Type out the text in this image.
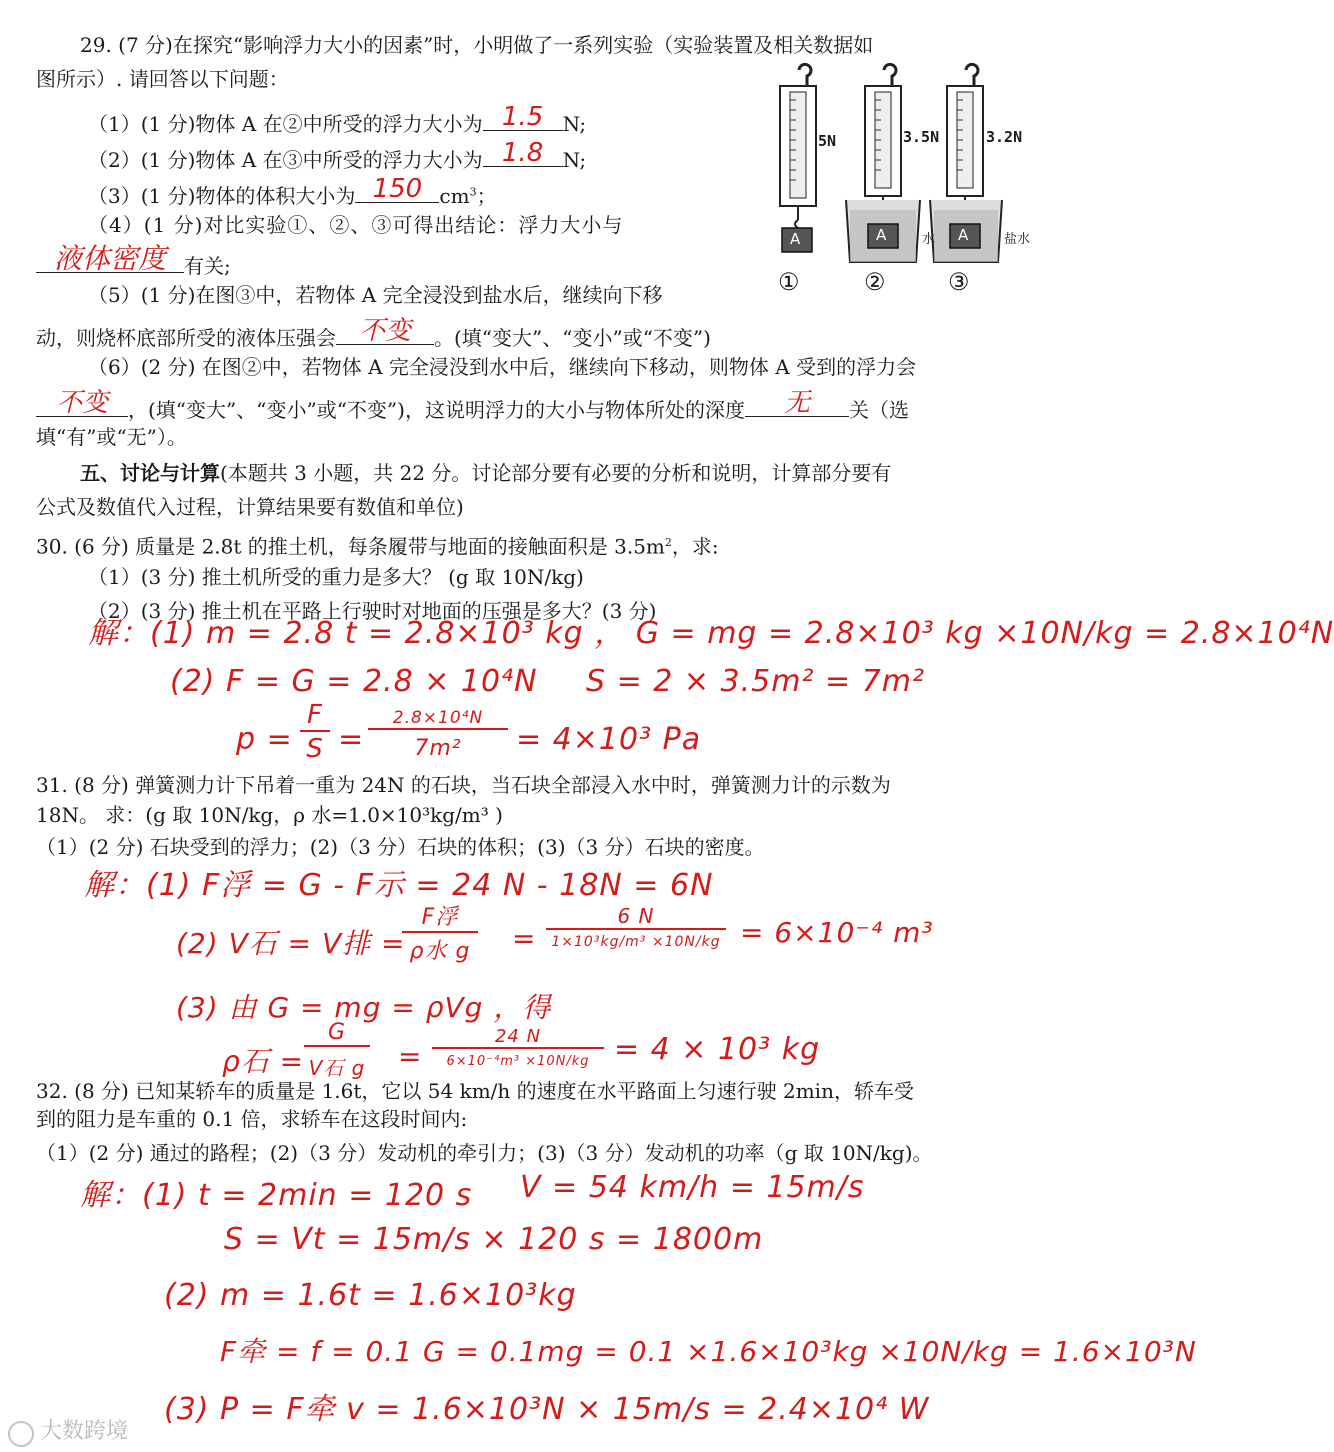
29. (7 分)在探究“影响浮力大小的因素”时，小明做了一系列实验（实验装置及相关数据如
图所示）. 请回答以下问题：
（1）(1 分)物体 A 在②中所受的浮力大小为 1.5 N;
（2）(1 分)物体 A 在③中所受的浮力大小为 1.8 N;
（3）(1 分)物体的体积大小为 150 $cm^3$；
（4）(1 分)对比实验①、②、③可得出结论：浮力大小与
液体密度 有关;
（5）(1 分)在图③中，若物体 A 完全浸没到盐水后，继续向下移
动，则烧杯底部所受的液体压强会 不变	。(填“变大”、“变小”或“不变”)
（6）(2 分) 在图②中，若物体 A 完全浸没到水中后，继续向下移动，则物体 A 受到的浮力会
不变	，(填“变大”、“变小”或“不变”)，这说明浮力的大小与物体所处的深度	无	关（选
填“有”或“无”）。
5N	3.5N	3.2N
A	A	A
水	盐水
①	②	③
五、讨论与计算(本题共 3 小题，共 22 分。讨论部分要有必要的分析和说明，计算部分要有
公式及数值代入过程，计算结果要有数值和单位)
30. (6 分) 质量是 2.8t 的推土机，每条履带与地面的接触面积是 $3.5m^2$，求:
（1）(3 分) 推土机所受的重力是多大？ (g 取 10N/kg)
（2）(3 分) 推土机在平路上行驶时对地面的压强是多大？(3 分)
解：(1) m = 2.8 t = 2.8×10³ kg ， G = mg = 2.8×10³ kg ×10N/kg = 2.8×10⁴N
(2) F = G = 2.8 × 10⁴N S = 2 × 3.5m² = 7m²
p =
F
S =
2.8×10⁴N
7m²	= 4×10³ Pa
31. (8 分) 弹簧测力计下吊着一重为 24N 的石块，当石块全部浸入水中时，弹簧测力计的示数为
18N。 求：(g 取 10N/kg，ρ 水=1.0×10³kg/m³ )
（1）(2 分) 石块受到的浮力；(2)（3 分）石块的体积；(3)（3 分）石块的密度。
解：(1) F浮 = G - F示 = 24 N - 18N = 6N
(2) V石 = V排 =
F浮
ρ水 g =
6 N
1×10³kg/m³ ×10N/kg = 6×10⁻⁴ m³
(3) 由 G = mg = ρVg ，得
ρ石 =
G
V石 g =
24 N
6×10⁻⁴m³ ×10N/kg = 4 × 10³ kg
32. (8 分) 已知某轿车的质量是 1.6t，它以 54 km/h 的速度在水平路面上匀速行驶 2min，轿车受
到的阻力是车重的 0.1 倍，求轿车在这段时间内:
（1）(2 分) 通过的路程；(2)（3 分）发动机的牵引力；(3)（3 分）发动机的功率（g 取 10N/kg)。
解：(1) t = 2min = 120 s V = 54 km/h = 15m/s
S = Vt = 15m/s × 120 s = 1800m
(2) m = 1.6t = 1.6×10³kg
F牵 = f = 0.1 G = 0.1mg = 0.1 ×1.6×10³kg ×10N/kg = 1.6×10³N
(3) P = F牵 v = 1.6×10³N × 15m/s = 2.4×10⁴ W
大数跨境
